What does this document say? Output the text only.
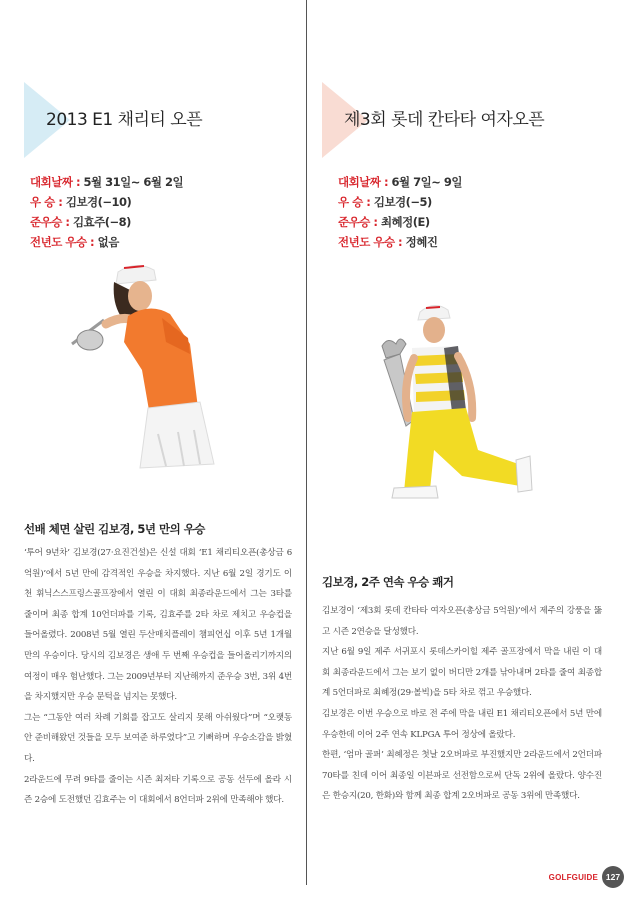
2013 E1 채리티 오픈
대회날짜 : 5월 31일~ 6월 2일
우 승 : 김보경(−10)
준우승 : 김효주(−8)
전년도 우승 : 없음
선배 체면 살린 김보경, 5년 만의 우승

‘투어 9년차’ 김보경(27·요진건설)은 신설 대회 ‘E1 채리티오픈(총상금 6억원)’에서 5년 만에 감격적인 우승을 차지했다. 지난 6월 2일 경기도 이천 휘닉스스프링스골프장에서 열린 이 대회 최종라운드에서 그는 3타를 줄이며 최종 합계 10언더파를 기록, 김효주를 2타 차로 제치고 우승컵을 들어올렸다. 2008년 5월 열린 두산매치플레이 챔피언십 이후 5년 1개월 만의 우승이다. 당시의 김보경은 생애 두 번째 우승컵을 들어올리기까지의 여정이 매우 험난했다. 그는 2009년부터 지난해까지 준우승 3번, 3위 4번을 차지했지만 우승 문턱을 넘지는 못했다.

그는 “그동안 여러 차례 기회를 잡고도 살리지 못해 아쉬웠다”며 “오랫동안 준비해왔던 것들을 모두 보여준 하루였다”고 기뻐하며 우승소감을 밝혔다.

2라운드에 무려 9타를 줄이는 시즌 최저타 기록으로 공동 선두에 올라 시즌 2승에 도전했던 김효주는 이 대회에서 8언더파 2위에 만족해야 했다.

제3회 롯데 칸타타 여자오픈
대회날짜 : 6월 7일~ 9일
우 승 : 김보경(−5)
준우승 : 최혜정(E)
전년도 우승 : 정혜진
김보경, 2주 연속 우승 쾌거

김보경이 ‘제3회 롯데 칸타타 여자오픈(총상금 5억원)’에서 제주의 강풍을 뚫고 시즌 2연승을 달성했다.

지난 6월 9일 제주 서귀포시 롯데스카이힐 제주 골프장에서 막을 내린 이 대회 최종라운드에서 그는 보기 없이 버디만 2개를 낚아내며 2타를 줄여 최종합계 5언더파로 최혜정(29·볼빅)을 5타 차로 꺾고 우승했다.

김보경은 이번 우승으로 바로 전 주에 막을 내린 E1 채리티오픈에서 5년 만에 우승한데 이어 2주 연속 KLPGA 투어 정상에 올랐다.

한편, ‘엄마 골퍼’ 최혜정은 첫날 2오버파로 부진했지만 2라운드에서 2언더파 70타를 친데 이어 최종일 이븐파로 선전함으로써 단독 2위에 올랐다. 양수진은 한승지(20, 한화)와 함께 최종 합계 2오버파로 공동 3위에 만족했다.

GOLFGUIDE 127
